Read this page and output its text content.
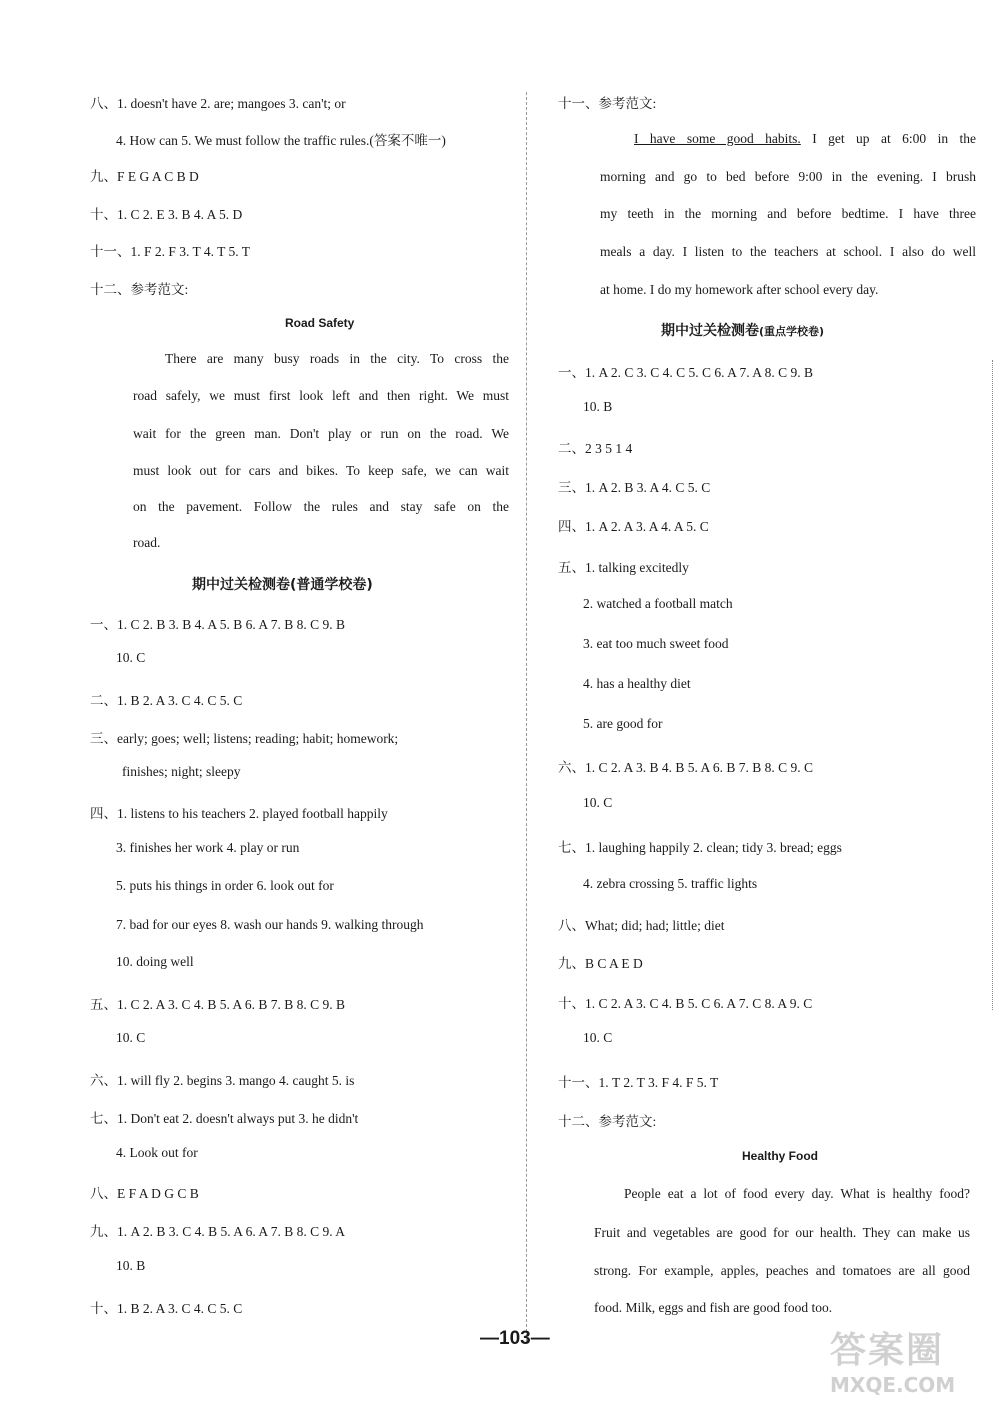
八、1. doesn't have 2. are; mangoes 3. can't; or
4. How can 5. We must follow the traffic rules.(答案不唯一)
九、F E G A C B D
十、1. C 2. E 3. B 4. A 5. D
十一、1. F 2. F 3. T 4. T 5. T
十二、参考范文:
Road Safety
There are many busy roads in the city. To cross the
road safely, we must first look left and then right. We must
wait for the green man. Don't play or run on the road. We
must look out for cars and bikes. To keep safe, we can wait
on the pavement. Follow the rules and stay safe on the
road.
期中过关检测卷(普通学校卷)
一、1. C 2. B 3. B 4. A 5. B 6. A 7. B 8. C 9. B
10. C
二、1. B 2. A 3. C 4. C 5. C
三、early; goes; well; listens; reading; habit; homework;
finishes; night; sleepy
四、1. listens to his teachers 2. played football happily
3. finishes her work 4. play or run
5. puts his things in order 6. look out for
7. bad for our eyes 8. wash our hands 9. walking through
10. doing well
五、1. C 2. A 3. C 4. B 5. A 6. B 7. B 8. C 9. B
10. C
六、1. will fly 2. begins 3. mango 4. caught 5. is
七、1. Don't eat 2. doesn't always put 3. he didn't
4. Look out for
八、E F A D G C B
九、1. A 2. B 3. C 4. B 5. A 6. A 7. B 8. C 9. A
10. B
十、1. B 2. A 3. C 4. C 5. C
十一、参考范文:
I have some good habits. I get up at 6:00 in the
morning and go to bed before 9:00 in the evening. I brush
my teeth in the morning and before bedtime. I have three
meals a day. I listen to the teachers at school. I also do well
at home. I do my homework after school every day.
期中过关检测卷(重点学校卷)
一、1. A 2. C 3. C 4. C 5. C 6. A 7. A 8. C 9. B
10. B
二、2 3 5 1 4
三、1. A 2. B 3. A 4. C 5. C
四、1. A 2. A 3. A 4. A 5. C
五、1. talking excitedly
2. watched a football match
3. eat too much sweet food
4. has a healthy diet
5. are good for
六、1. C 2. A 3. B 4. B 5. A 6. B 7. B 8. C 9. C
10. C
七、1. laughing happily 2. clean; tidy 3. bread; eggs
4. zebra crossing 5. traffic lights
八、What; did; had; little; diet
九、B C A E D
十、1. C 2. A 3. C 4. B 5. C 6. A 7. C 8. A 9. C
10. C
十一、1. T 2. T 3. F 4. F 5. T
十二、参考范文:
Healthy Food
People eat a lot of food every day. What is healthy food?
Fruit and vegetables are good for our health. They can make us
strong. For example, apples, peaches and tomatoes are all good
food. Milk, eggs and fish are good food too.
—103—	答案圈
MXQE.COM
